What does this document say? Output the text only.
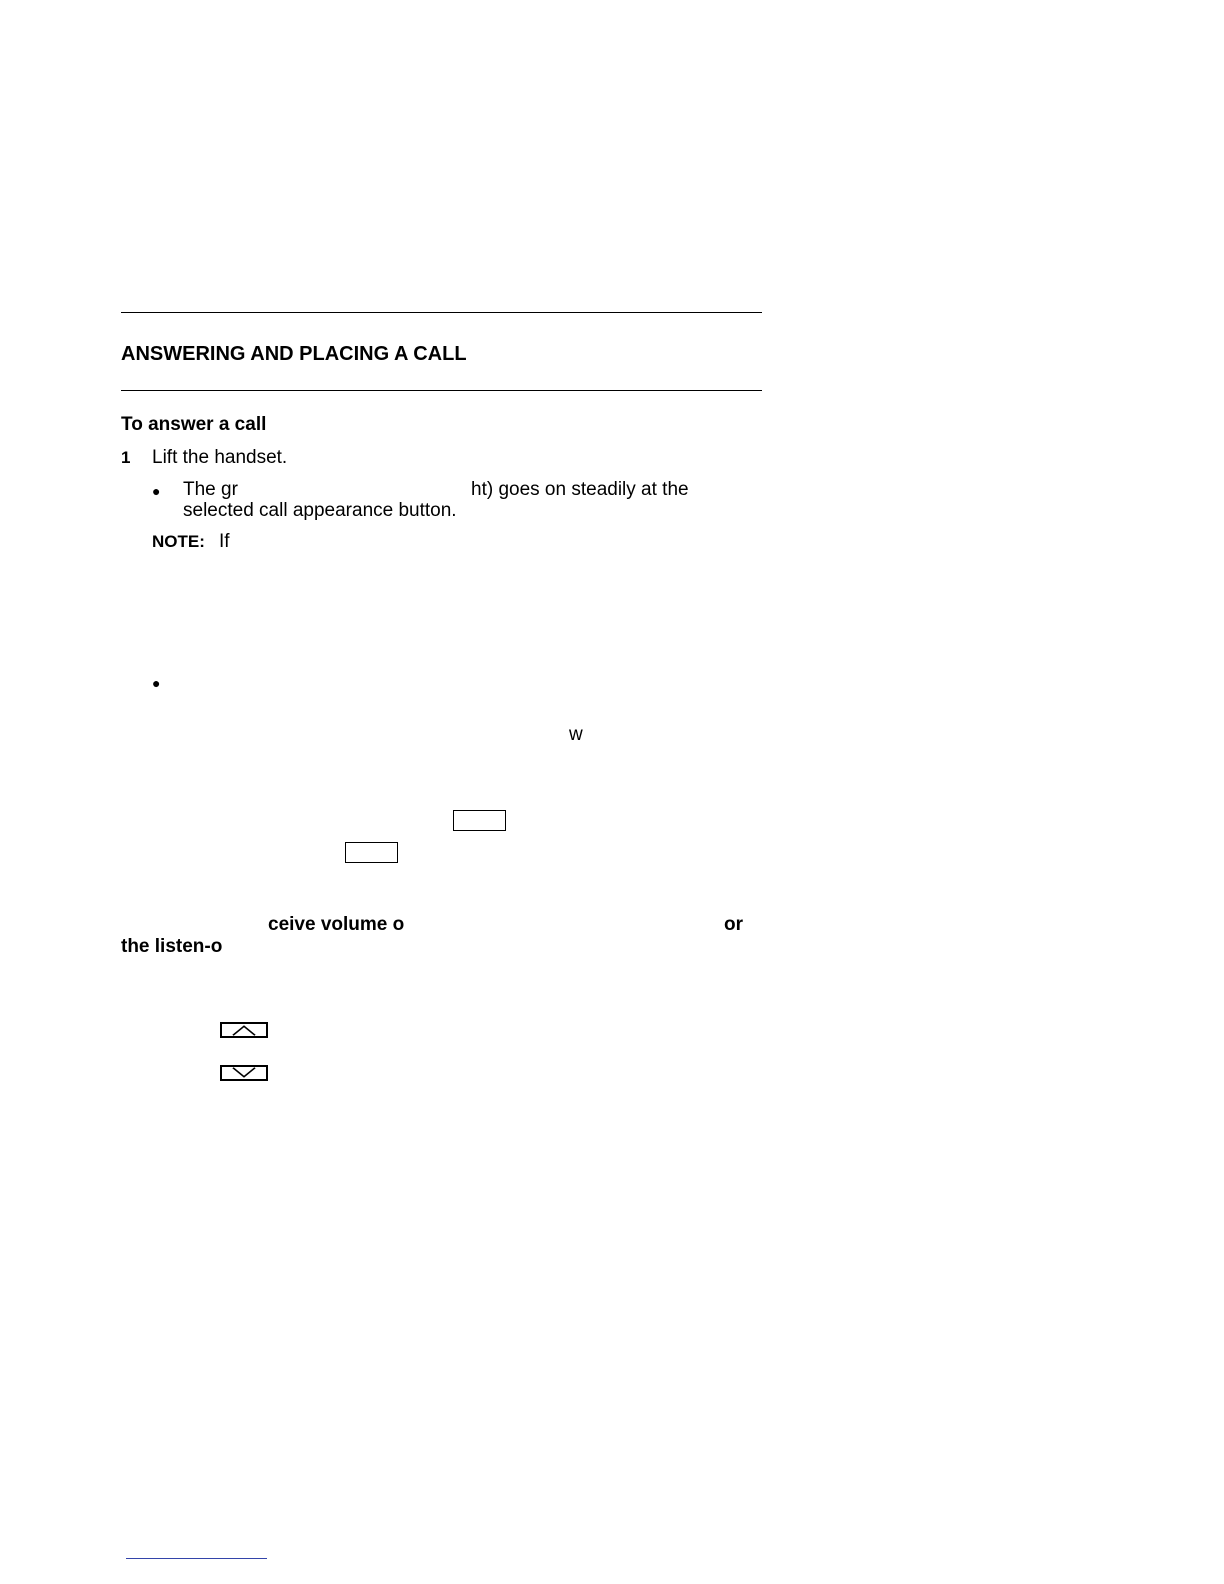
ANSWERING AND PLACING A CALL
To answer a call
1 Lift the handset.
● The gr	ht) goes on steadily at the
selected call appearance button.
NOTE: If
●
w
ceive volume o	or
the listen-o
